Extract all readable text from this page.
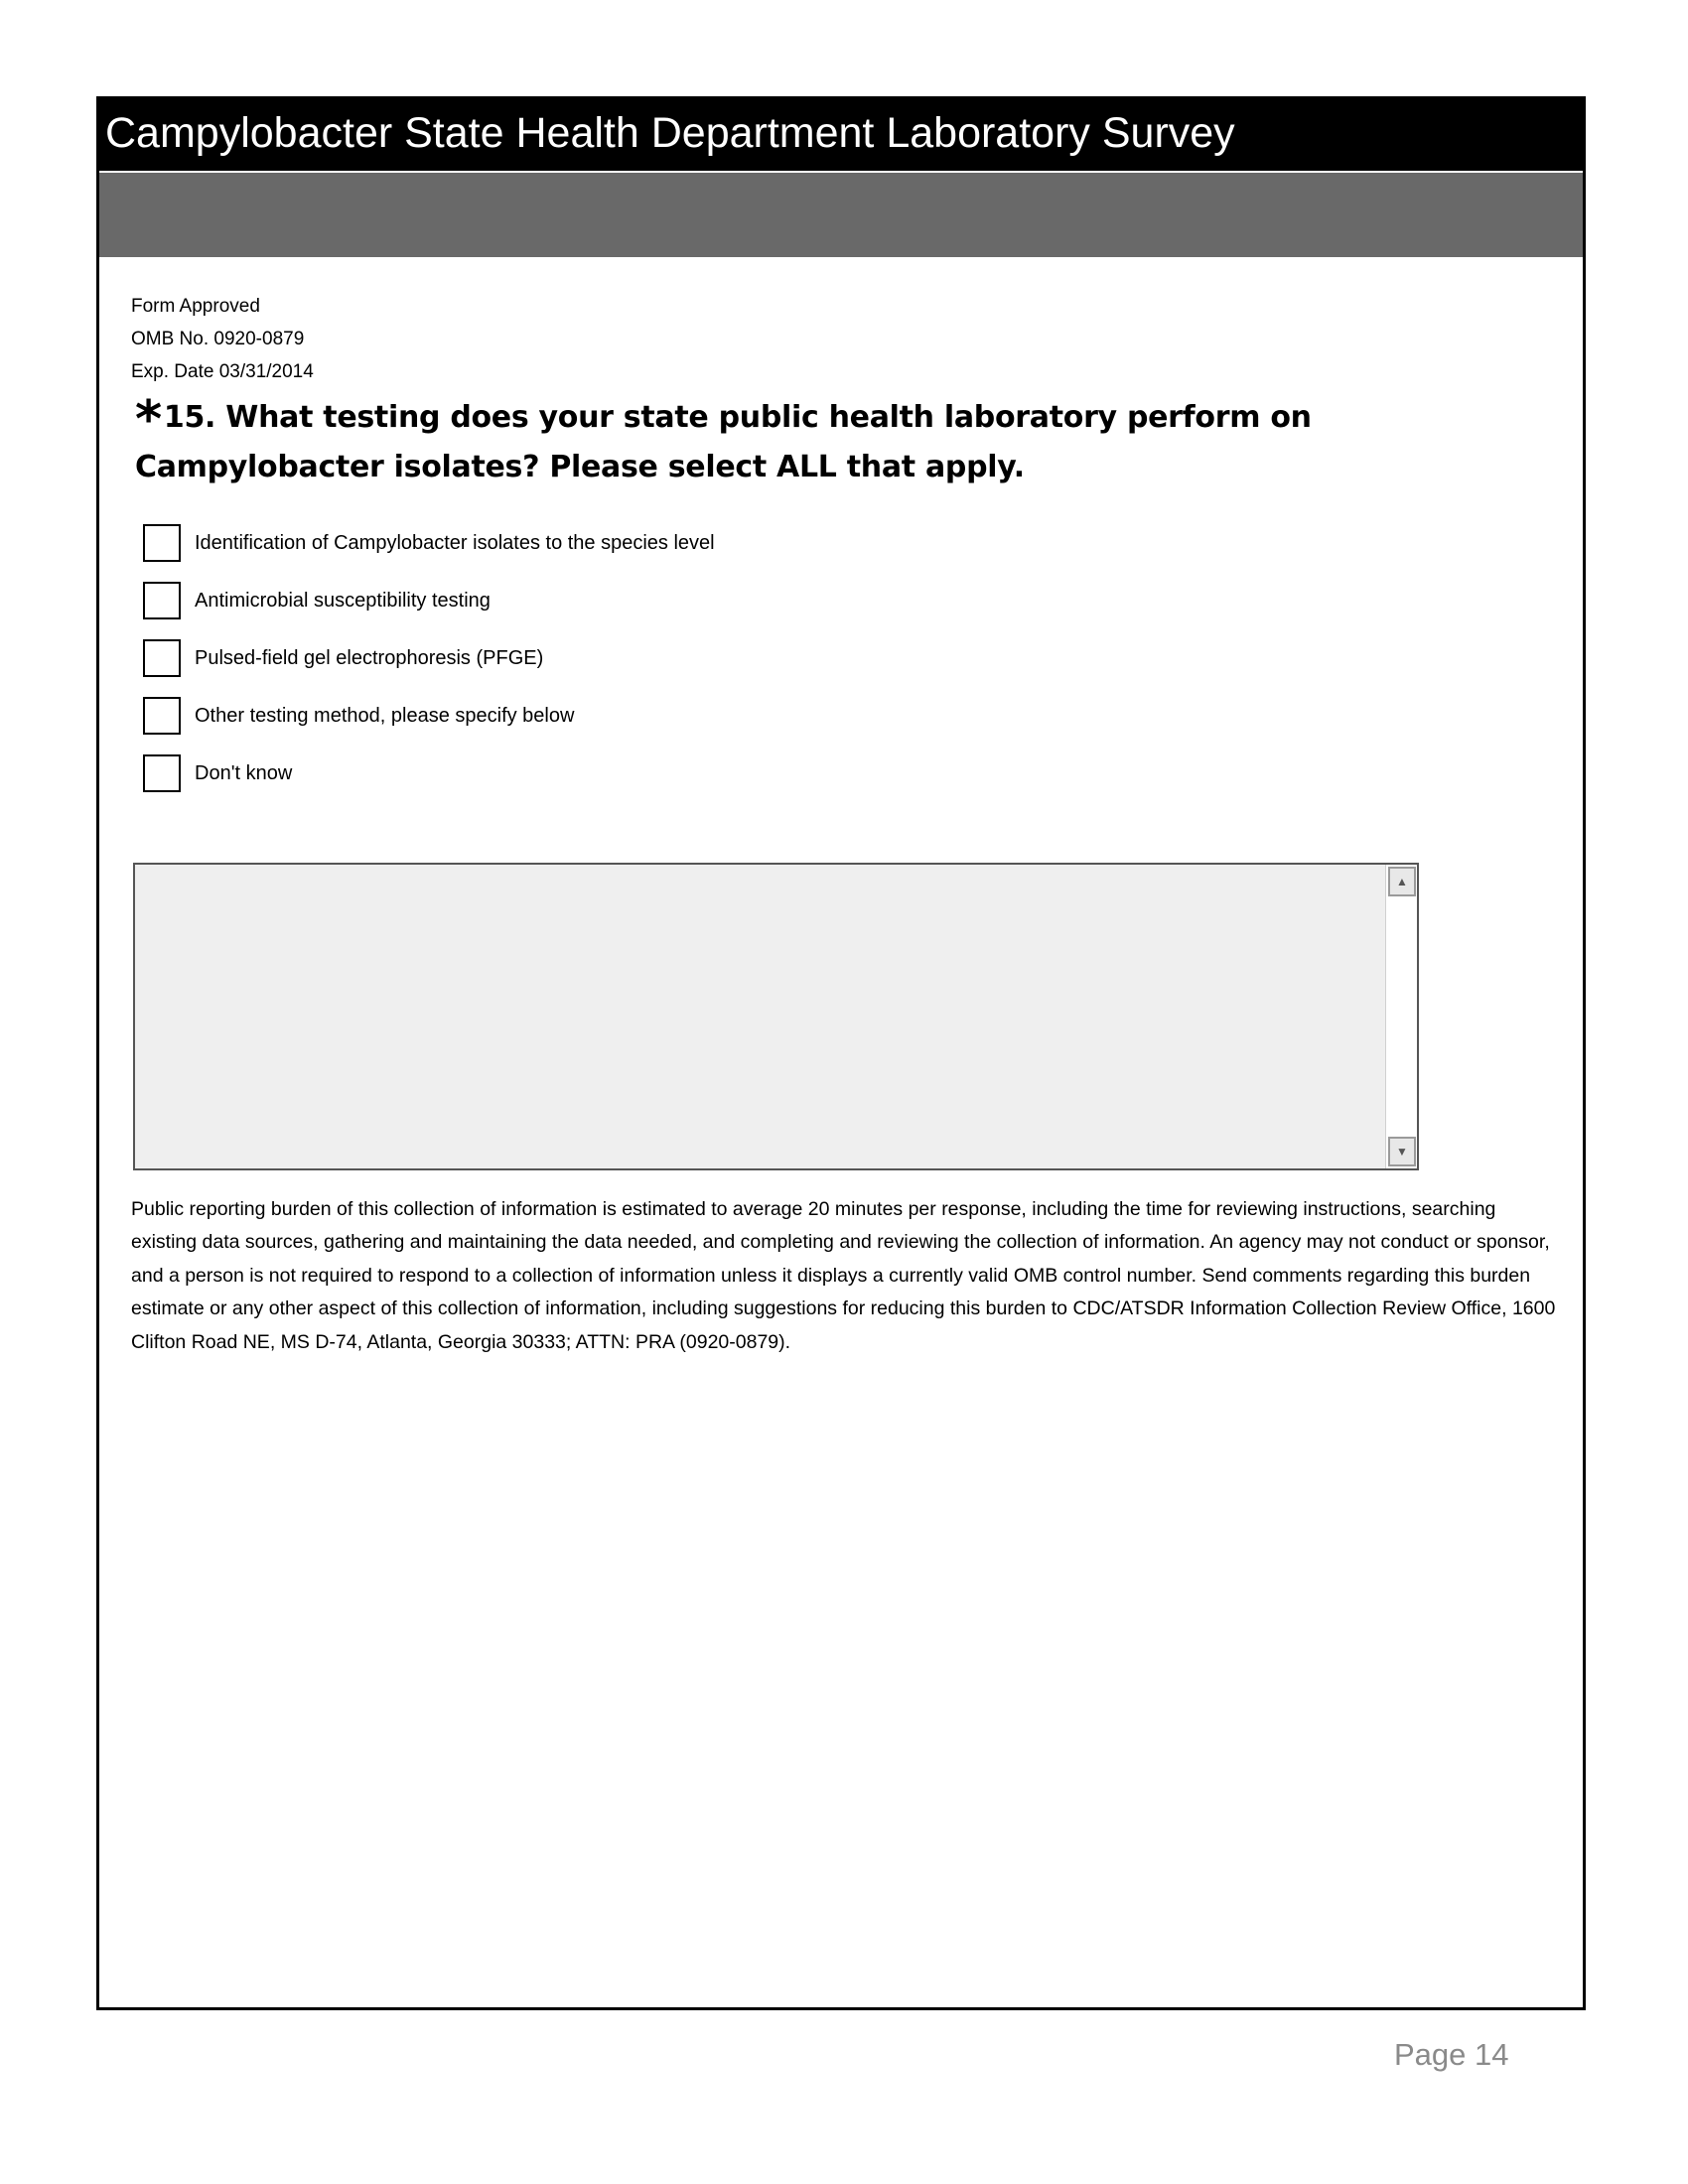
Campylobacter State Health Department Laboratory Survey
Form Approved
OMB No. 0920-0879
Exp. Date 03/31/2014
*15. What testing does your state public health laboratory perform on Campylobacter isolates? Please select ALL that apply.
Identification of Campylobacter isolates to the species level
Antimicrobial susceptibility testing
Pulsed-field gel electrophoresis (PFGE)
Other testing method, please specify below
Don't know
▲
▼
Public reporting burden of this collection of information is estimated to average 20 minutes per response, including the time for reviewing instructions, searching existing data sources, gathering and maintaining the data needed, and completing and reviewing the collection of information. An agency may not conduct or sponsor, and a person is not required to respond to a collection of information unless it displays a currently valid OMB control number. Send comments regarding this burden estimate or any other aspect of this collection of information, including suggestions for reducing this burden to CDC/ATSDR Information Collection Review Office, 1600 Clifton Road NE, MS D-74, Atlanta, Georgia 30333; ATTN: PRA (0920-0879).
Page 14
